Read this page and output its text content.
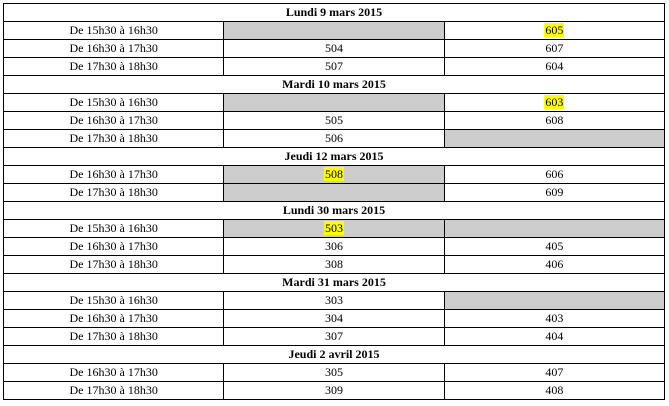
Lundi 9 mars 2015		
De 15h30 à 16h30		605
De 16h30 à 17h30	504	607
De 17h30 à 18h30	507	604
Mardi 10 mars 2015		
De 15h30 à 16h30		603
De 16h30 à 17h30	505	608
De 17h30 à 18h30	506	
Jeudi 12 mars 2015		
De 16h30 à 17h30	508	606
De 17h30 à 18h30		609
Lundi 30 mars 2015		
De 15h30 à 16h30	503	
De 16h30 à 17h30	306	405
De 17h30 à 18h30	308	406
Mardi 31 mars 2015		
De 15h30 à 16h30	303	
De 16h30 à 17h30	304	403
De 17h30 à 18h30	307	404
Jeudi 2 avril 2015		
De 16h30 à 17h30	305	407
De 17h30 à 18h30	309	408
